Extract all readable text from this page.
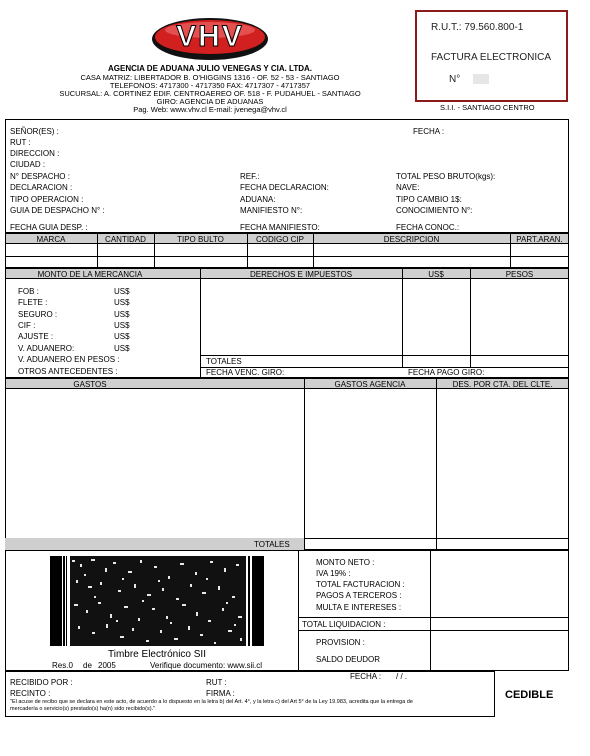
VHV
AGENCIA DE ADUANA JULIO VENEGAS Y CIA. LTDA.
CASA MATRIZ: LIBERTADOR B. O'HIGGINS 1316 - OF. 52 - 53 - SANTIAGO
TELEFONOS: 4717300 - 4717350 FAX: 4717307 - 4717357
SUCURSAL: A. CORTINEZ EDIF. CENTROAEREO OF. 518 - F. PUDAHUEL - SANTIAGO
GIRO: AGENCIA DE ADUANAS
Pag. Web: www.vhv.cl E-mail: jvenega@vhv.cl
R.U.T.: 79.560.800-1
FACTURA ELECTRONICA
N°
S.I.I. - SANTIAGO CENTRO
SEÑOR(ES) :	FECHA :
RUT :
DIRECCION :
CIUDAD :
N° DESPACHO :	REF.:	TOTAL PESO BRUTO(kgs):
DECLARACION :	FECHA DECLARACION:	NAVE:
TIPO OPERACION :	ADUANA:	TIPO CAMBIO 1$:
GUIA DE DESPACHO N° :	MANIFIESTO N°:	CONOCIMIENTO N°:
FECHA GUIA DESP. :	FECHA MANIFIESTO:	FECHA CONOC.:
MARCA	CANTIDAD	TIPO BULTO	CODIGO CIP	DESCRIPCION	PART.ARAN.
MONTO DE LA MERCANCIA	DERECHOS E IMPUESTOS	US$	PESOS
FOB :	US$
FLETE :	US$
SEGURO :	US$
CIF :	US$
AJUSTE :	US$
V. ADUANERO:	US$
V. ADUANERO EN PESOS :
OTROS ANTECEDENTES :
TOTALES
FECHA VENC. GIRO:	FECHA PAGO GIRO:
GASTOS	GASTOS AGENCIA	DES. POR CTA. DEL CLTE.
TOTALES
Timbre Electrónico SII
Res.0 de 2005	Verifique documento: www.sii.cl
MONTO NETO :
IVA 19% :
TOTAL FACTURACION :
PAGOS A TERCEROS :
MULTA E INTERESES :
TOTAL LIQUIDACION :
PROVISION :
SALDO DEUDOR
FECHA : / / .
RECIBIDO POR :	RUT :
RECINTO :	FIRMA :
"El acuse de recibo que se declara en este acto, de acuerdo a lo dispuesto en la letra b) del Art. 4°, y la letra c) del Art 5° de la Ley 19.983, acredita que la entrega de mercadería o servicio(s) prestado(s) ha(n) sido recibido(s)."
CEDIBLE
